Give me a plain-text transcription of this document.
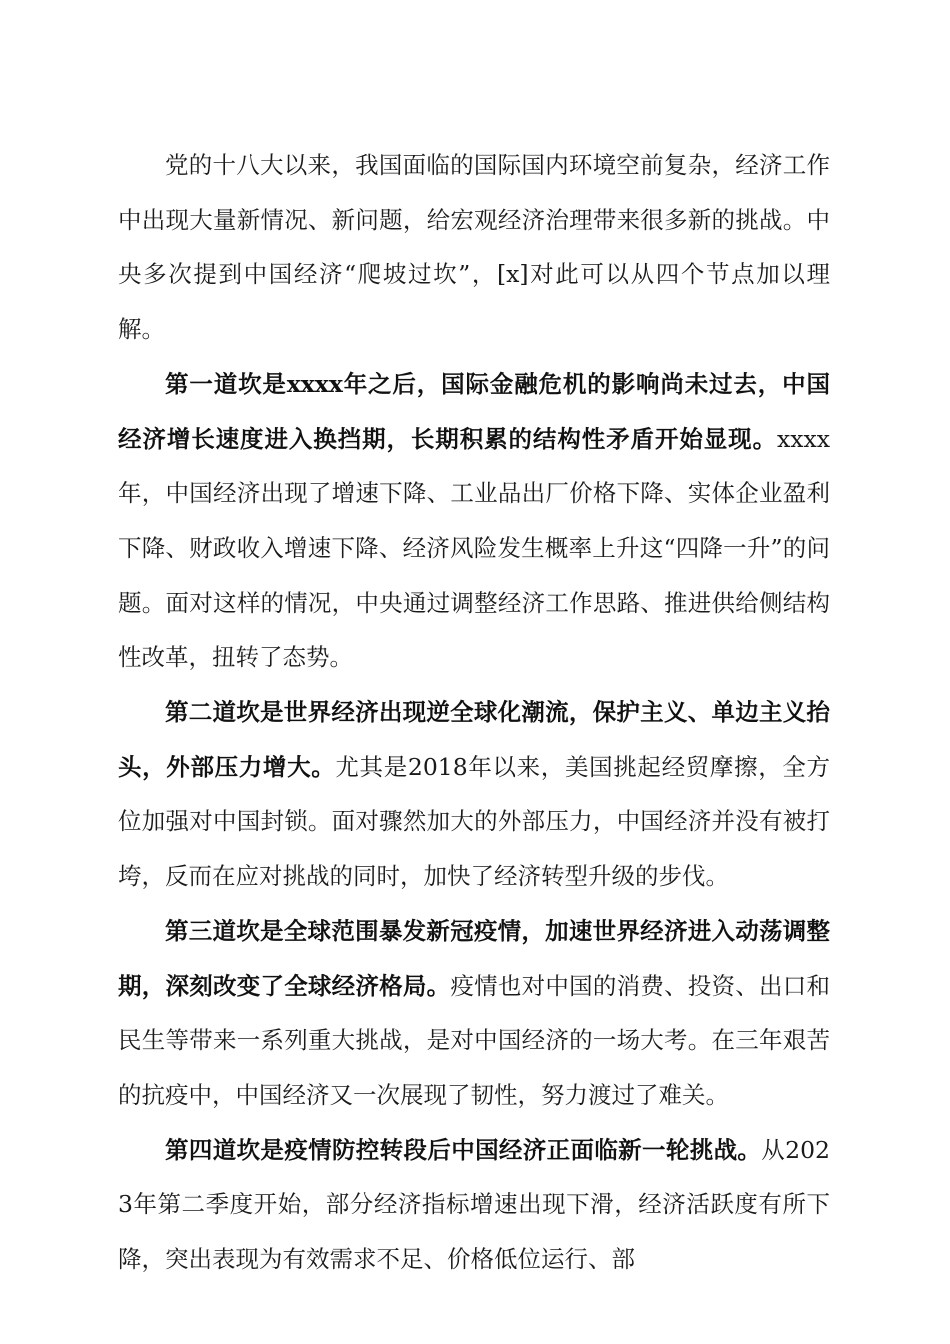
党的十八大以来，我国面临的国际国内环境空前复杂，经济工作中出现大量新情况、新问题，给宏观经济治理带来很多新的挑战。中央多次提到中国经济“爬坡过坎”，[x]对此可以从四个节点加以理解。

第一道坎是xxxx年之后，国际金融危机的影响尚未过去，中国经济增长速度进入换挡期，长期积累的结构性矛盾开始显现。xxxx年，中国经济出现了增速下降、工业品出厂价格下降、实体企业盈利下降、财政收入增速下降、经济风险发生概率上升这“四降一升”的问题。面对这样的情况，中央通过调整经济工作思路、推进供给侧结构性改革，扭转了态势。

第二道坎是世界经济出现逆全球化潮流，保护主义、单边主义抬头，外部压力增大。尤其是2018年以来，美国挑起经贸摩擦，全方位加强对中国封锁。面对骤然加大的外部压力，中国经济并没有被打垮，反而在应对挑战的同时，加快了经济转型升级的步伐。

第三道坎是全球范围暴发新冠疫情，加速世界经济进入动荡调整期，深刻改变了全球经济格局。疫情也对中国的消费、投资、出口和民生等带来一系列重大挑战，是对中国经济的一场大考。在三年艰苦的抗疫中，中国经济又一次展现了韧性，努力渡过了难关。

第四道坎是疫情防控转段后中国经济正面临新一轮挑战。从2023年第二季度开始，部分经济指标增速出现下滑，经济活跃度有所下降，突出表现为有效需求不足、价格低位运行、部
